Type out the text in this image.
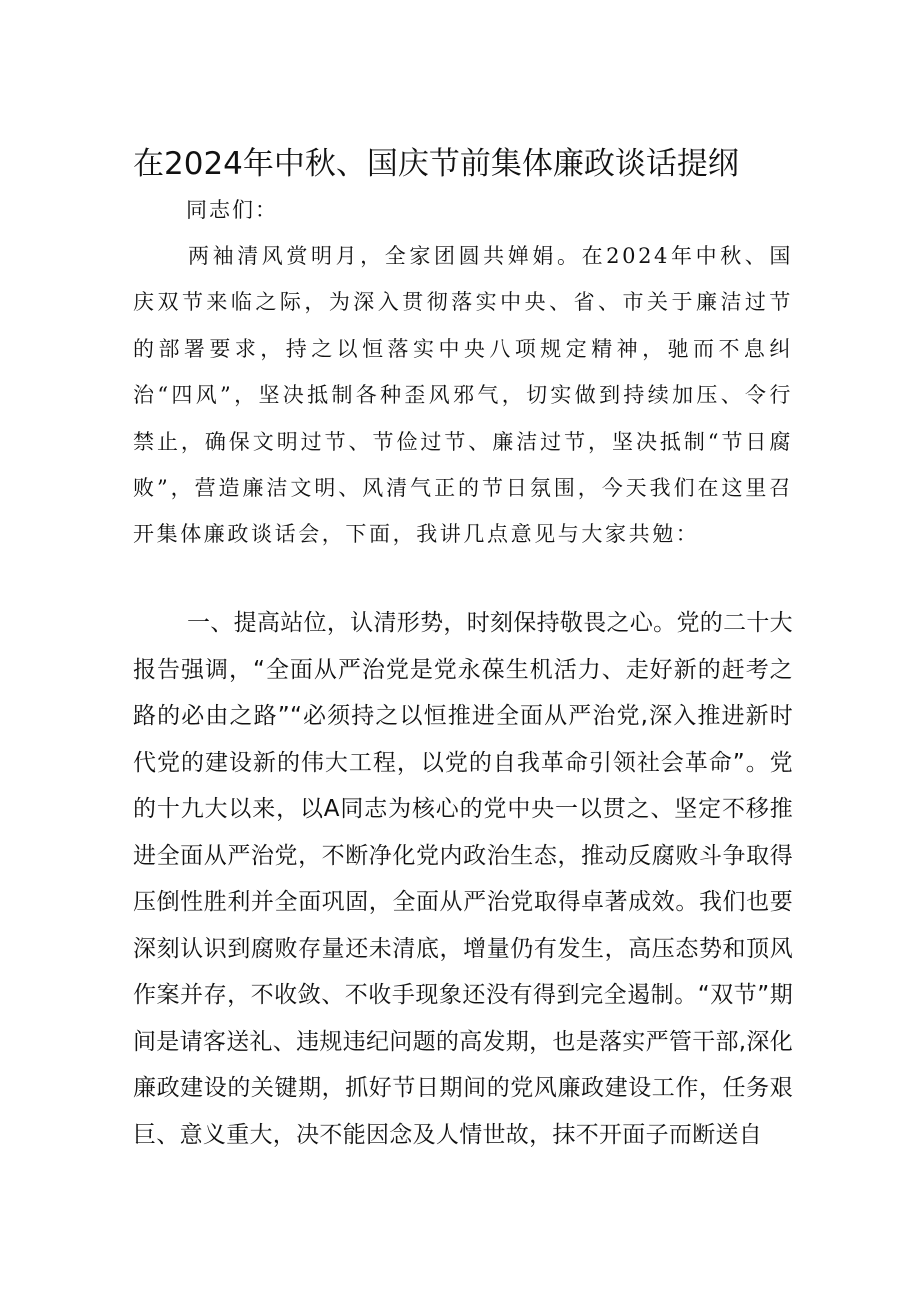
在2024年中秋、国庆节前集体廉政谈话提纲
同志们：

两袖清风赏明月，全家团圆共婵娟。在2024年中秋、国庆双节来临之际，为深入贯彻落实中央、省、市关于廉洁过节的部署要求，持之以恒落实中央八项规定精神，驰而不息纠治“四风”，坚决抵制各种歪风邪气，切实做到持续加压、令行禁止，确保文明过节、节俭过节、廉洁过节，坚决抵制“节日腐败”，营造廉洁文明、风清气正的节日氛围，今天我们在这里召开集体廉政谈话会，下面，我讲几点意见与大家共勉：

一、提高站位，认清形势，时刻保持敬畏之心。党的二十大报告强调，“全面从严治党是党永葆生机活力、走好新的赶考之路的必由之路”“必须持之以恒推进全面从严治党,深入推进新时代党的建设新的伟大工程，以党的自我革命引领社会革命”。党的十九大以来，以A同志为核心的党中央一以贯之、坚定不移推进全面从严治党，不断净化党内政治生态，推动反腐败斗争取得压倒性胜利并全面巩固，全面从严治党取得卓著成效。我们也要深刻认识到腐败存量还未清底，增量仍有发生，高压态势和顶风作案并存，不收敛、不收手现象还没有得到完全遏制。“双节”期间是请客送礼、违规违纪问题的高发期，也是落实严管干部,深化廉政建设的关键期，抓好节日期间的党风廉政建设工作，任务艰巨、意义重大，决不能因念及人情世故，抹不开面子而断送自
